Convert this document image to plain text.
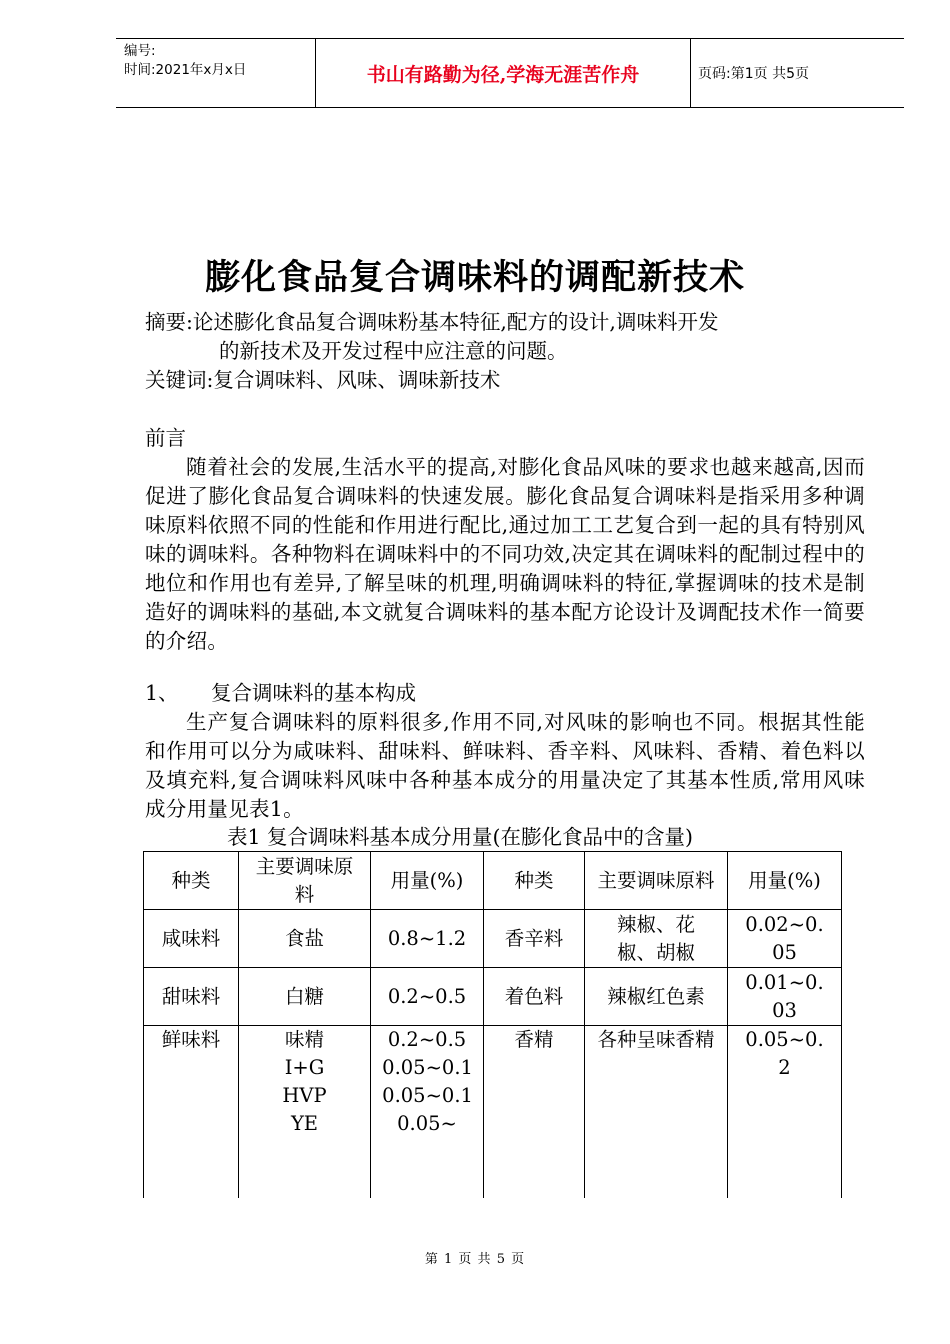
编号:
时间:2021年x月x日	书山有路勤为径,学海无涯苦作舟	页码:第1页 共5页
膨化食品复合调味料的调配新技术
摘要:论述膨化食品复合调味粉基本特征,配方的设计,调味料开发
的新技术及开发过程中应注意的问题。
关键词:复合调味料、风味、调味新技术
前言
随着社会的发展,生活水平的提高,对膨化食品风味的要求也越来越高,因而促进了膨化食品复合调味料的快速发展。膨化食品复合调味料是指采用多种调味原料依照不同的性能和作用进行配比,通过加工工艺复合到一起的具有特别风味的调味料。各种物料在调味料中的不同功效,决定其在调味料的配制过程中的地位和作用也有差异,了解呈味的机理,明确调味料的特征,掌握调味的技术是制造好的调味料的基础,本文就复合调味料的基本配方论设计及调配技术作一简要的介绍。
1、 复合调味料的基本构成
生产复合调味料的原料很多,作用不同,对风味的影响也不同。根据其性能和作用可以分为咸味料、甜味料、鲜味料、香辛料、风味料、香精、着色料以及填充料,复合调味料风味中各种基本成分的用量决定了其基本性质,常用风味成分用量见表1。
表1 复合调味料基本成分用量(在膨化食品中的含量)
种类	主要调味原料	用量(%)	种类	主要调味原料	用量(%)
咸味料	食盐	0.8~1.2	香辛料	辣椒、花椒、胡椒	0.02~0.05

甜味料	白糖	0.2~0.5	着色料	辣椒红色素	0.01~0.03

鲜味料	味精 I+G HVP YE	0.2~0.5 0.05~0.1 0.05~0.1 0.05~	香精	各种呈味香精	0.05~0.2
第 1 页 共 5 页
